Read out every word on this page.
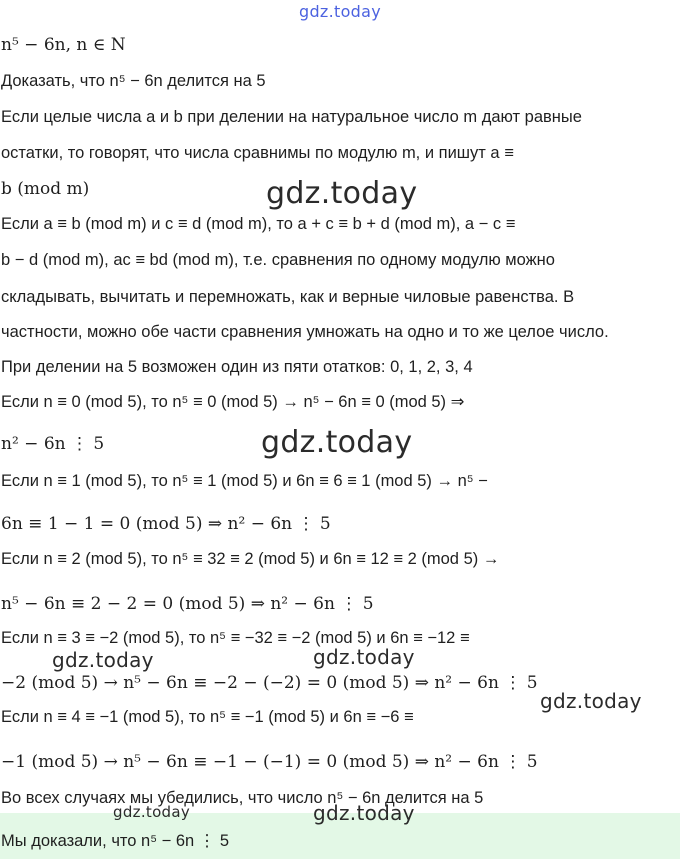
n⁵ − 6n, n ∈ N
Доказать, что n⁵ − 6n делится на 5
Если целые числа a и b при делении на натуральное число m дают равные
остатки, то говорят, что числа сравнимы по модулю m, и пишут a ≡
b (mod m)
Если a ≡ b (mod m) и c ≡ d (mod m), то a + c ≡ b + d (mod m), a − c ≡
b − d (mod m), ac ≡ bd (mod m), т.е. сравнения по одному модулю можно
складывать, вычитать и перемножать, как и верные чиловые равенства. В
частности, можно обе части сравнения умножать на одно и то же целое число.
При делении на 5 возможен один из пяти отатков: 0, 1, 2, 3, 4
Если n ≡ 0 (mod 5), то n⁵ ≡ 0 (mod 5) → n⁵ − 6n ≡ 0 (mod 5) ⇒
n² − 6n ⋮ 5
Если n ≡ 1 (mod 5), то n⁵ ≡ 1 (mod 5) и 6n ≡ 6 ≡ 1 (mod 5) → n⁵ −
6n ≡ 1 − 1 = 0 (mod 5) ⇒ n² − 6n ⋮ 5
Если n ≡ 2 (mod 5), то n⁵ ≡ 32 ≡ 2 (mod 5) и 6n ≡ 12 ≡ 2 (mod 5) →
n⁵ − 6n ≡ 2 − 2 = 0 (mod 5) ⇒ n² − 6n ⋮ 5
Если n ≡ 3 ≡ −2 (mod 5), то n⁵ ≡ −32 ≡ −2 (mod 5) и 6n ≡ −12 ≡
−2 (mod 5) → n⁵ − 6n ≡ −2 − (−2) = 0 (mod 5) ⇒ n² − 6n ⋮ 5
Если n ≡ 4 ≡ −1 (mod 5), то n⁵ ≡ −1 (mod 5) и 6n ≡ −6 ≡
−1 (mod 5) → n⁵ − 6n ≡ −1 − (−1) = 0 (mod 5) ⇒ n² − 6n ⋮ 5
Во всех случаях мы убедились, что число n⁵ − 6n делится на 5
Мы доказали, что n⁵ − 6n ⋮ 5
gdz.today
gdz.today
gdz.today
gdz.today	gdz.today
gdz.today
gdz.today	gdz.today
